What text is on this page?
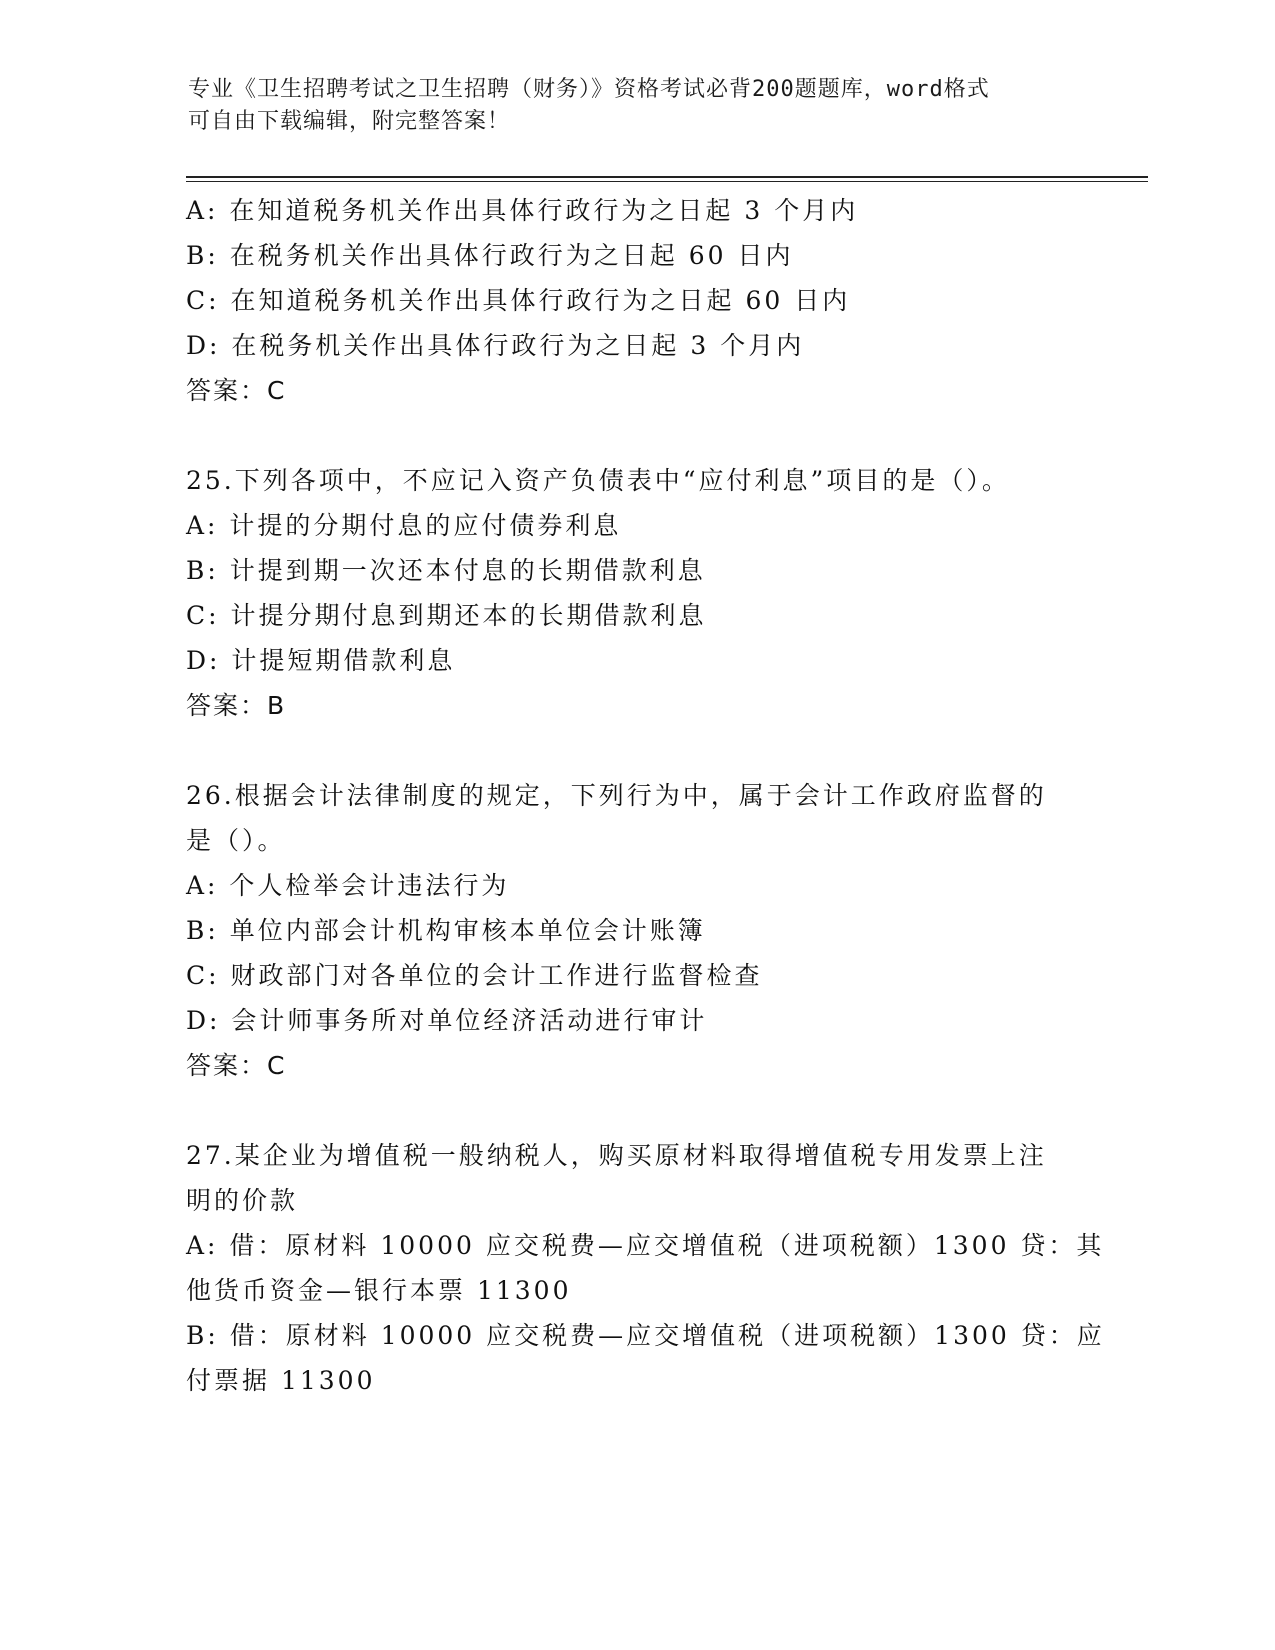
专业《卫生招聘考试之卫生招聘（财务）》资格考试必背200题题库，word格式
可自由下载编辑，附完整答案！
A: 在知道税务机关作出具体行政行为之日起 3 个月内
B: 在税务机关作出具体行政行为之日起 60 日内
C: 在知道税务机关作出具体行政行为之日起 60 日内
D: 在税务机关作出具体行政行为之日起 3 个月内
答案：C
25.下列各项中，不应记入资产负债表中“应付利息”项目的是（）。
A: 计提的分期付息的应付债券利息
B: 计提到期一次还本付息的长期借款利息
C: 计提分期付息到期还本的长期借款利息
D: 计提短期借款利息
答案：B
26.根据会计法律制度的规定，下列行为中，属于会计工作政府监督的
是（）。
A: 个人检举会计违法行为
B: 单位内部会计机构审核本单位会计账簿
C: 财政部门对各单位的会计工作进行监督检查
D: 会计师事务所对单位经济活动进行审计
答案：C
27.某企业为增值税一般纳税人，购买原材料取得增值税专用发票上注
明的价款
A: 借：原材料 10000 应交税费—应交增值税（进项税额）1300 贷：其
他货币资金—银行本票 11300
B: 借：原材料 10000 应交税费—应交增值税（进项税额）1300 贷：应
付票据 11300
